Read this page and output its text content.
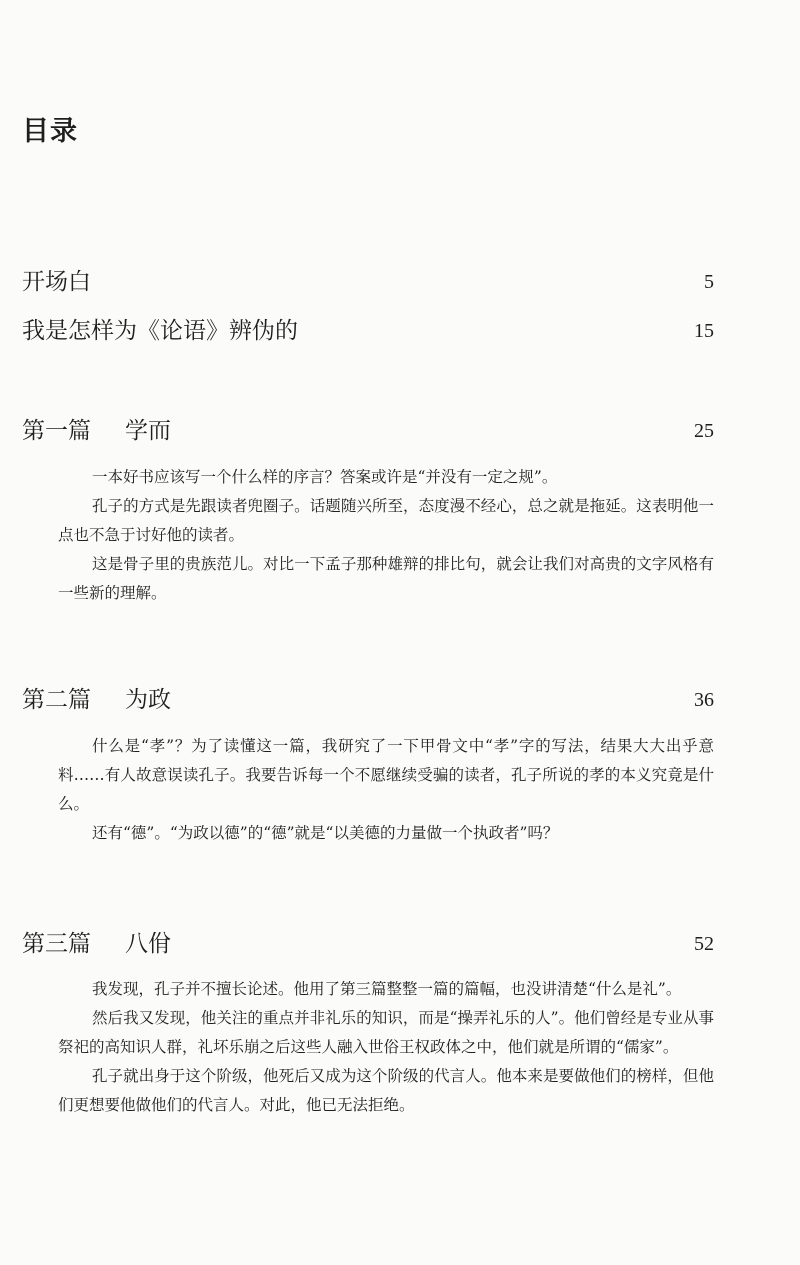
目录
开场白	5
我是怎样为《论语》辨伪的	15
第一篇 学而	25

一本好书应该写一个什么样的序言？答案或许是“并没有一定之规”。

孔子的方式是先跟读者兜圈子。话题随兴所至，态度漫不经心，总之就是拖延。这表明他一点也不急于讨好他的读者。

这是骨子里的贵族范儿。对比一下孟子那种雄辩的排比句，就会让我们对高贵的文字风格有一些新的理解。

第二篇 为政	36

什么是“孝”？为了读懂这一篇，我研究了一下甲骨文中“孝”字的写法，结果大大出乎意料……有人故意误读孔子。我要告诉每一个不愿继续受骗的读者，孔子所说的孝的本义究竟是什么。

还有“德”。“为政以德”的“德”就是“以美德的力量做一个执政者”吗？

第三篇 八佾	52

我发现，孔子并不擅长论述。他用了第三篇整整一篇的篇幅，也没讲清楚“什么是礼”。

然后我又发现，他关注的重点并非礼乐的知识，而是“操弄礼乐的人”。他们曾经是专业从事祭祀的高知识人群，礼坏乐崩之后这些人融入世俗王权政体之中，他们就是所谓的“儒家”。

孔子就出身于这个阶级，他死后又成为这个阶级的代言人。他本来是要做他们的榜样，但他们更想要他做他们的代言人。对此，他已无法拒绝。
